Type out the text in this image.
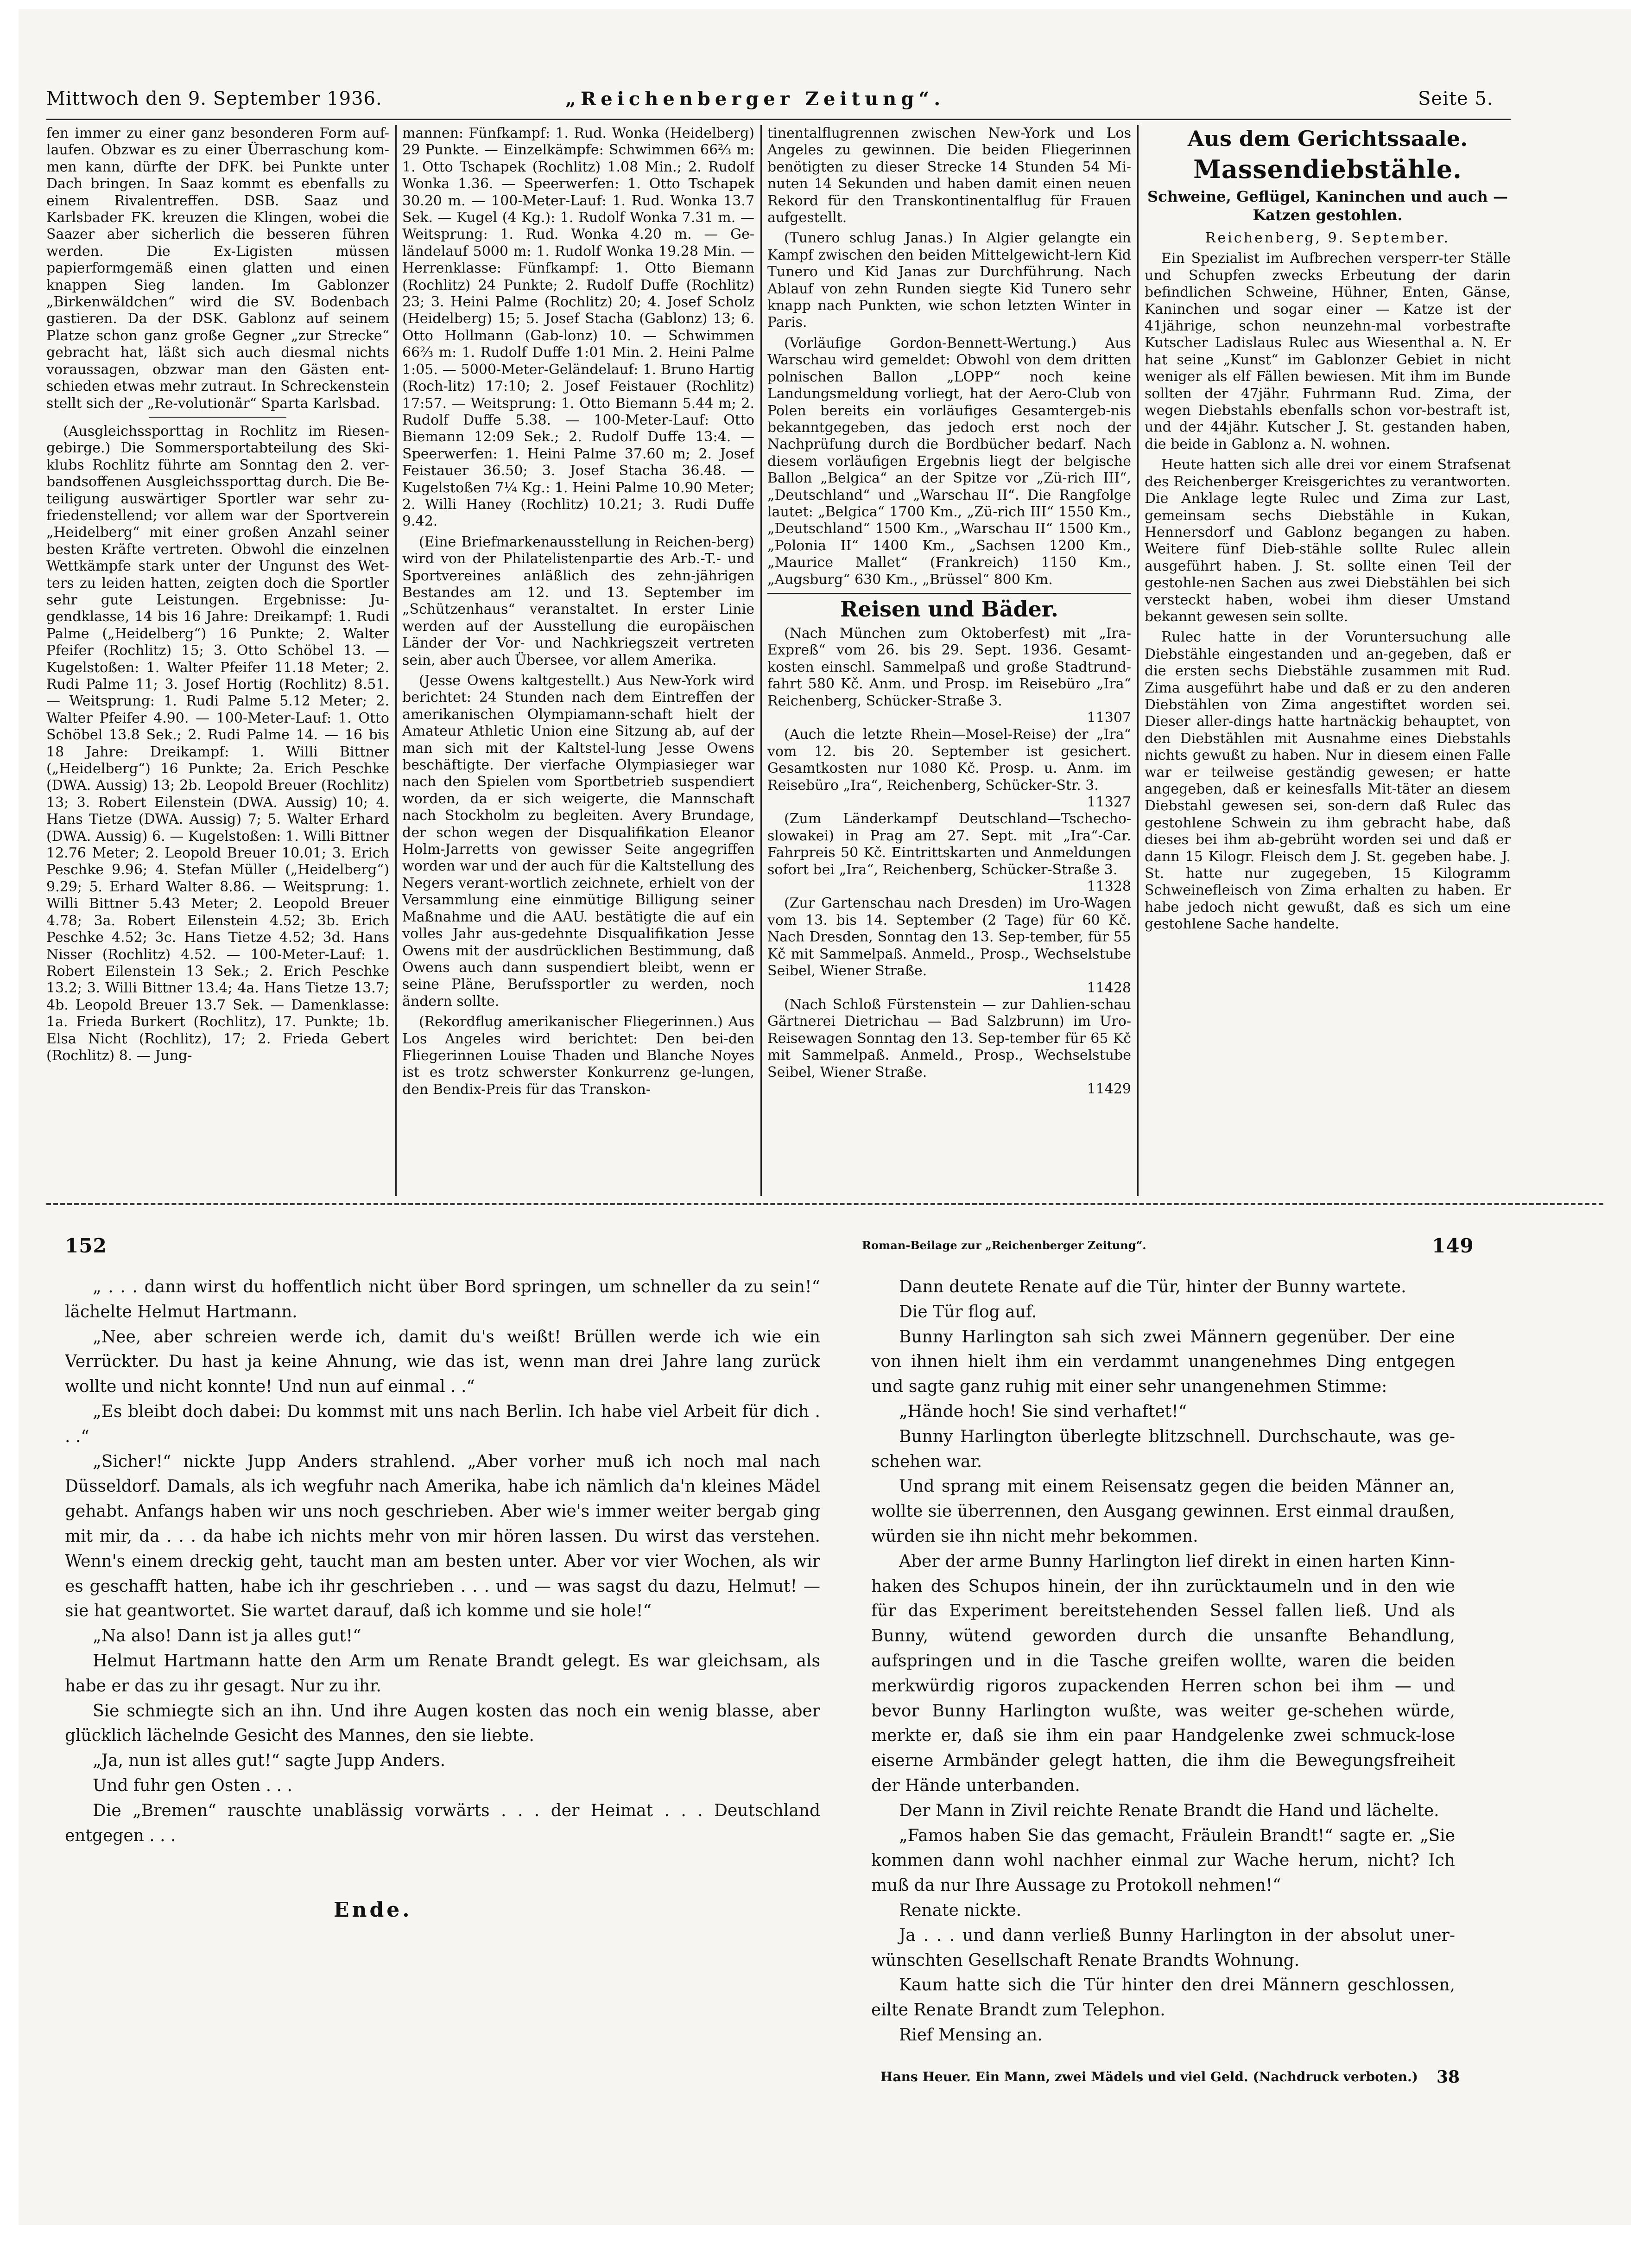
Mittwoch den 9. September 1936.	„Reichenberger Zeitung“.	Seite 5.

fen immer zu einer ganz besonderen Form auf-laufen. Obzwar es zu einer Überraschung kom-men kann, dürfte der DFK. bei Punkte unter Dach bringen. In Saaz kommt es ebenfalls zu einem Rivalentreffen. DSB. Saaz und Karlsbader FK. kreuzen die Klingen, wobei die Saazer aber sicherlich die besseren führen werden. Die Ex-Ligisten müssen papierformgemäß einen glatten und einen knappen Sieg landen. Im Gablonzer „Birkenwäldchen“ wird die SV. Bodenbach gastieren. Da der DSK. Gablonz auf seinem Platze schon ganz große Gegner „zur Strecke“ gebracht hat, läßt sich auch diesmal nichts voraussagen, obzwar man den Gästen ent-schieden etwas mehr zutraut. In Schreckenstein stellt sich der „Re-volutionär“ Sparta Karlsbad.

(Ausgleichssporttag in Rochlitz im Riesen-gebirge.) Die Sommersportabteilung des Ski-klubs Rochlitz führte am Sonntag den 2. ver-bandsoffenen Ausgleichssporttag durch. Die Be-teiligung auswärtiger Sportler war sehr zu-friedenstellend; vor allem war der Sportverein „Heidelberg“ mit einer großen Anzahl seiner besten Kräfte vertreten. Obwohl die einzelnen Wettkämpfe stark unter der Ungunst des Wet-ters zu leiden hatten, zeigten doch die Sportler sehr gute Leistungen. Ergebnisse: Ju-gendklasse, 14 bis 16 Jahre: Dreikampf: 1. Rudi Palme („Heidelberg“) 16 Punkte; 2. Walter Pfeifer (Rochlitz) 15; 3. Otto Schöbel 13. — Kugelstoßen: 1. Walter Pfeifer 11.18 Meter; 2. Rudi Palme 11; 3. Josef Hortig (Rochlitz) 8.51. — Weitsprung: 1. Rudi Palme 5.12 Meter; 2. Walter Pfeifer 4.90. — 100-Meter-Lauf: 1. Otto Schöbel 13.8 Sek.; 2. Rudi Palme 14. — 16 bis 18 Jahre: Dreikampf: 1. Willi Bittner („Heidelberg“) 16 Punkte; 2a. Erich Peschke (DWA. Aussig) 13; 2b. Leopold Breuer (Rochlitz) 13; 3. Robert Eilenstein (DWA. Aussig) 10; 4. Hans Tietze (DWA. Aussig) 7; 5. Walter Erhard (DWA. Aussig) 6. — Kugelstoßen: 1. Willi Bittner 12.76 Meter; 2. Leopold Breuer 10.01; 3. Erich Peschke 9.96; 4. Stefan Müller („Heidelberg“) 9.29; 5. Erhard Walter 8.86. — Weitsprung: 1. Willi Bittner 5.43 Meter; 2. Leopold Breuer 4.78; 3a. Robert Eilenstein 4.52; 3b. Erich Peschke 4.52; 3c. Hans Tietze 4.52; 3d. Hans Nisser (Rochlitz) 4.52. — 100-Meter-Lauf: 1. Robert Eilenstein 13 Sek.; 2. Erich Peschke 13.2; 3. Willi Bittner 13.4; 4a. Hans Tietze 13.7; 4b. Leopold Breuer 13.7 Sek. — Damenklasse: 1a. Frieda Burkert (Rochlitz), 17. Punkte; 1b. Elsa Nicht (Rochlitz), 17; 2. Frieda Gebert (Rochlitz) 8. — Jung-

mannen: Fünfkampf: 1. Rud. Wonka (Heidelberg) 29 Punkte. — Einzelkämpfe: Schwimmen 66⅔ m: 1. Otto Tschapek (Rochlitz) 1.08 Min.; 2. Rudolf Wonka 1.36. — Speerwerfen: 1. Otto Tschapek 30.20 m. — 100-Meter-Lauf: 1. Rud. Wonka 13.7 Sek. — Kugel (4 Kg.): 1. Rudolf Wonka 7.31 m. — Weitsprung: 1. Rud. Wonka 4.20 m. — Ge-ländelauf 5000 m: 1. Rudolf Wonka 19.28 Min. — Herrenklasse: Fünfkampf: 1. Otto Biemann (Rochlitz) 24 Punkte; 2. Rudolf Duffe (Rochlitz) 23; 3. Heini Palme (Rochlitz) 20; 4. Josef Scholz (Heidelberg) 15; 5. Josef Stacha (Gablonz) 13; 6. Otto Hollmann (Gab-lonz) 10. — Schwimmen 66⅔ m: 1. Rudolf Duffe 1:01 Min. 2. Heini Palme 1:05. — 5000-Meter-Geländelauf: 1. Bruno Hartig (Roch-litz) 17:10; 2. Josef Feistauer (Rochlitz) 17:57. — Weitsprung: 1. Otto Biemann 5.44 m; 2. Rudolf Duffe 5.38. — 100-Meter-Lauf: Otto Biemann 12:09 Sek.; 2. Rudolf Duffe 13:4. — Speerwerfen: 1. Heini Palme 37.60 m; 2. Josef Feistauer 36.50; 3. Josef Stacha 36.48. — Kugelstoßen 7¼ Kg.: 1. Heini Palme 10.90 Meter; 2. Willi Haney (Rochlitz) 10.21; 3. Rudi Duffe 9.42.

(Eine Briefmarkenausstellung in Reichen-berg) wird von der Philatelistenpartie des Arb.-T.- und Sportvereines anläßlich des zehn-jährigen Bestandes am 12. und 13. September im „Schützenhaus“ veranstaltet. In erster Linie werden auf der Ausstellung die europäischen Länder der Vor- und Nachkriegszeit vertreten sein, aber auch Übersee, vor allem Amerika.

(Jesse Owens kaltgestellt.) Aus New-York wird berichtet: 24 Stunden nach dem Eintreffen der amerikanischen Olympiamann-schaft hielt der Amateur Athletic Union eine Sitzung ab, auf der man sich mit der Kaltstel-lung Jesse Owens beschäftigte. Der vierfache Olympiasieger war nach den Spielen vom Sportbetrieb suspendiert worden, da er sich weigerte, die Mannschaft nach Stockholm zu begleiten. Avery Brundage, der schon wegen der Disqualifikation Eleanor Holm-Jarretts von gewisser Seite angegriffen worden war und der auch für die Kaltstellung des Negers verant-wortlich zeichnete, erhielt von der Versammlung eine einmütige Billigung seiner Maßnahme und die AAU. bestätigte die auf ein volles Jahr aus-gedehnte Disqualifikation Jesse Owens mit der ausdrücklichen Bestimmung, daß Owens auch dann suspendiert bleibt, wenn er seine Pläne, Berufssportler zu werden, noch ändern sollte.

(Rekordflug amerikanischer Fliegerinnen.) Aus Los Angeles wird berichtet: Den bei-den Fliegerinnen Louise Thaden und Blanche Noyes ist es trotz schwerster Konkurrenz ge-lungen, den Bendix-Preis für das Transkon-

tinentalflugrennen zwischen New-York und Los Angeles zu gewinnen. Die beiden Fliegerinnen benötigten zu dieser Strecke 14 Stunden 54 Mi-nuten 14 Sekunden und haben damit einen neuen Rekord für den Transkontinentalflug für Frauen aufgestellt.

(Tunero schlug Janas.) In Algier gelangte ein Kampf zwischen den beiden Mittelgewicht-lern Kid Tunero und Kid Janas zur Durchführung. Nach Ablauf von zehn Runden siegte Kid Tunero sehr knapp nach Punkten, wie schon letzten Winter in Paris.

(Vorläufige Gordon-Bennett-Wertung.) Aus Warschau wird gemeldet: Obwohl von dem dritten polnischen Ballon „LOPP“ noch keine Landungsmeldung vorliegt, hat der Aero-Club von Polen bereits ein vorläufiges Gesamtergeb-nis bekanntgegeben, das jedoch erst noch der Nachprüfung durch die Bordbücher bedarf. Nach diesem vorläufigen Ergebnis liegt der belgische Ballon „Belgica“ an der Spitze vor „Zü-rich III“, „Deutschland“ und „Warschau II“. Die Rangfolge lautet: „Belgica“ 1700 Km., „Zü-rich III“ 1550 Km., „Deutschland“ 1500 Km., „Warschau II“ 1500 Km., „Polonia II“ 1400 Km., „Sachsen 1200 Km., „Maurice Mallet“ (Frankreich) 1150 Km., „Augsburg“ 630 Km., „Brüssel“ 800 Km.

Reisen und Bäder.

(Nach München zum Oktoberfest) mit „Ira-Expreß“ vom 26. bis 29. Sept. 1936. Gesamt-kosten einschl. Sammelpaß und große Stadtrund-fahrt 580 Kč. Anm. und Prosp. im Reisebüro „Ira“ Reichenberg, Schücker-Straße 3.

11307

(Auch die letzte Rhein—Mosel-Reise) der „Ira“ vom 12. bis 20. September ist gesichert. Gesamtkosten nur 1080 Kč. Prosp. u. Anm. im Reisebüro „Ira“, Reichenberg, Schücker-Str. 3.

11327

(Zum Länderkampf Deutschland—Tschecho-slowakei) in Prag am 27. Sept. mit „Ira“-Car. Fahrpreis 50 Kč. Eintrittskarten und Anmeldungen sofort bei „Ira“, Reichenberg, Schücker-Straße 3.

11328

(Zur Gartenschau nach Dresden) im Uro-Wagen vom 13. bis 14. September (2 Tage) für 60 Kč. Nach Dresden, Sonntag den 13. Sep-tember, für 55 Kč mit Sammelpaß. Anmeld., Prosp., Wechselstube Seibel, Wiener Straße.

11428

(Nach Schloß Fürstenstein — zur Dahlien-schau Gärtnerei Dietrichau — Bad Salzbrunn) im Uro-Reisewagen Sonntag den 13. Sep-tember für 65 Kč mit Sammelpaß. Anmeld., Prosp., Wechselstube Seibel, Wiener Straße.

11429
Aus dem Gerichtssaale.
Massendiebstähle.
Schweine, Geflügel, Kaninchen und auch — Katzen gestohlen.

Reichenberg, 9. September.

Ein Spezialist im Aufbrechen versperr-ter Ställe und Schupfen zwecks Erbeutung der darin befindlichen Schweine, Hühner, Enten, Gänse, Kaninchen und sogar einer — Katze ist der 41jährige, schon neunzehn-mal vorbestrafte Kutscher Ladislaus Rulec aus Wiesenthal a. N. Er hat seine „Kunst“ im Gablonzer Gebiet in nicht weniger als elf Fällen bewiesen. Mit ihm im Bunde sollten der 47jähr. Fuhrmann Rud. Zima, der wegen Diebstahls ebenfalls schon vor-bestraft ist, und der 44jähr. Kutscher J. St. gestanden haben, die beide in Gablonz a. N. wohnen.

Heute hatten sich alle drei vor einem Strafsenat des Reichenberger Kreisgerichtes zu verantworten. Die Anklage legte Rulec und Zima zur Last, gemeinsam sechs Diebstähle in Kukan, Hennersdorf und Gablonz begangen zu haben. Weitere fünf Dieb-stähle sollte Rulec allein ausgeführt haben. J. St. sollte einen Teil der gestohle-nen Sachen aus zwei Diebstählen bei sich versteckt haben, wobei ihm dieser Umstand bekannt gewesen sein sollte.

Rulec hatte in der Voruntersuchung alle Diebstähle eingestanden und an-gegeben, daß er die ersten sechs Diebstähle zusammen mit Rud. Zima ausgeführt habe und daß er zu den anderen Diebstählen von Zima angestiftet worden sei. Dieser aller-dings hatte hartnäckig behauptet, von den Diebstählen mit Ausnahme eines Diebstahls nichts gewußt zu haben. Nur in diesem einen Falle war er teilweise geständig gewesen; er hatte angegeben, daß er keinesfalls Mit-täter an diesem Diebstahl gewesen sei, son-dern daß Rulec das gestohlene Schwein zu ihm gebracht habe, daß dieses bei ihm ab-gebrüht worden sei und daß er dann 15 Kilogr. Fleisch dem J. St. gegeben habe. J. St. hatte nur zugegeben, 15 Kilogramm Schweinefleisch von Zima erhalten zu haben. Er habe jedoch nicht gewußt, daß es sich um eine gestohlene Sache handelte.

152	Roman-Beilage zur „Reichenberger Zeitung“.	149

„ . . . dann wirst du hoffentlich nicht über Bord springen, um schneller da zu sein!“ lächelte Helmut Hartmann.

„Nee, aber schreien werde ich, damit du's weißt! Brüllen werde ich wie ein Verrückter. Du hast ja keine Ahnung, wie das ist, wenn man drei Jahre lang zurück wollte und nicht konnte! Und nun auf einmal . .“

„Es bleibt doch dabei: Du kommst mit uns nach Berlin. Ich habe viel Arbeit für dich . . .“

„Sicher!“ nickte Jupp Anders strahlend. „Aber vorher muß ich noch mal nach Düsseldorf. Damals, als ich wegfuhr nach Amerika, habe ich nämlich da'n kleines Mädel gehabt. Anfangs haben wir uns noch geschrieben. Aber wie's immer weiter bergab ging mit mir, da . . . da habe ich nichts mehr von mir hören lassen. Du wirst das verstehen. Wenn's einem dreckig geht, taucht man am besten unter. Aber vor vier Wochen, als wir es geschafft hatten, habe ich ihr geschrieben . . . und — was sagst du dazu, Helmut! — sie hat geantwortet. Sie wartet darauf, daß ich komme und sie hole!“

„Na also! Dann ist ja alles gut!“

Helmut Hartmann hatte den Arm um Renate Brandt gelegt. Es war gleichsam, als habe er das zu ihr gesagt. Nur zu ihr.

Sie schmiegte sich an ihn. Und ihre Augen kosten das noch ein wenig blasse, aber glücklich lächelnde Gesicht des Mannes, den sie liebte.

„Ja, nun ist alles gut!“ sagte Jupp Anders.

Und fuhr gen Osten . . .

Die „Bremen“ rauschte unablässig vorwärts . . . der Heimat . . . Deutschland entgegen . . .

Ende.

Dann deutete Renate auf die Tür, hinter der Bunny wartete.

Die Tür flog auf.

Bunny Harlington sah sich zwei Männern gegenüber. Der eine von ihnen hielt ihm ein verdammt unangenehmes Ding entgegen und sagte ganz ruhig mit einer sehr unangenehmen Stimme:

„Hände hoch! Sie sind verhaftet!“

Bunny Harlington überlegte blitzschnell. Durchschaute, was ge-schehen war.

Und sprang mit einem Reisensatz gegen die beiden Männer an, wollte sie überrennen, den Ausgang gewinnen. Erst einmal draußen, würden sie ihn nicht mehr bekommen.

Aber der arme Bunny Harlington lief direkt in einen harten Kinn-haken des Schupos hinein, der ihn zurücktaumeln und in den wie für das Experiment bereitstehenden Sessel fallen ließ. Und als Bunny, wütend geworden durch die unsanfte Behandlung, aufspringen und in die Tasche greifen wollte, waren die beiden merkwürdig rigoros zupackenden Herren schon bei ihm — und bevor Bunny Harlington wußte, was weiter ge-schehen würde, merkte er, daß sie ihm ein paar Handgelenke zwei schmuck-lose eiserne Armbänder gelegt hatten, die ihm die Bewegungsfreiheit der Hände unterbanden.

Der Mann in Zivil reichte Renate Brandt die Hand und lächelte.

„Famos haben Sie das gemacht, Fräulein Brandt!“ sagte er. „Sie kommen dann wohl nachher einmal zur Wache herum, nicht? Ich muß da nur Ihre Aussage zu Protokoll nehmen!“

Renate nickte.

Ja . . . und dann verließ Bunny Harlington in der absolut uner-wünschten Gesellschaft Renate Brandts Wohnung.

Kaum hatte sich die Tür hinter den drei Männern geschlossen, eilte Renate Brandt zum Telephon.

Rief Mensing an.

Hans Heuer. Ein Mann, zwei Mädels und viel Geld. (Nachdruck verboten.) 38
